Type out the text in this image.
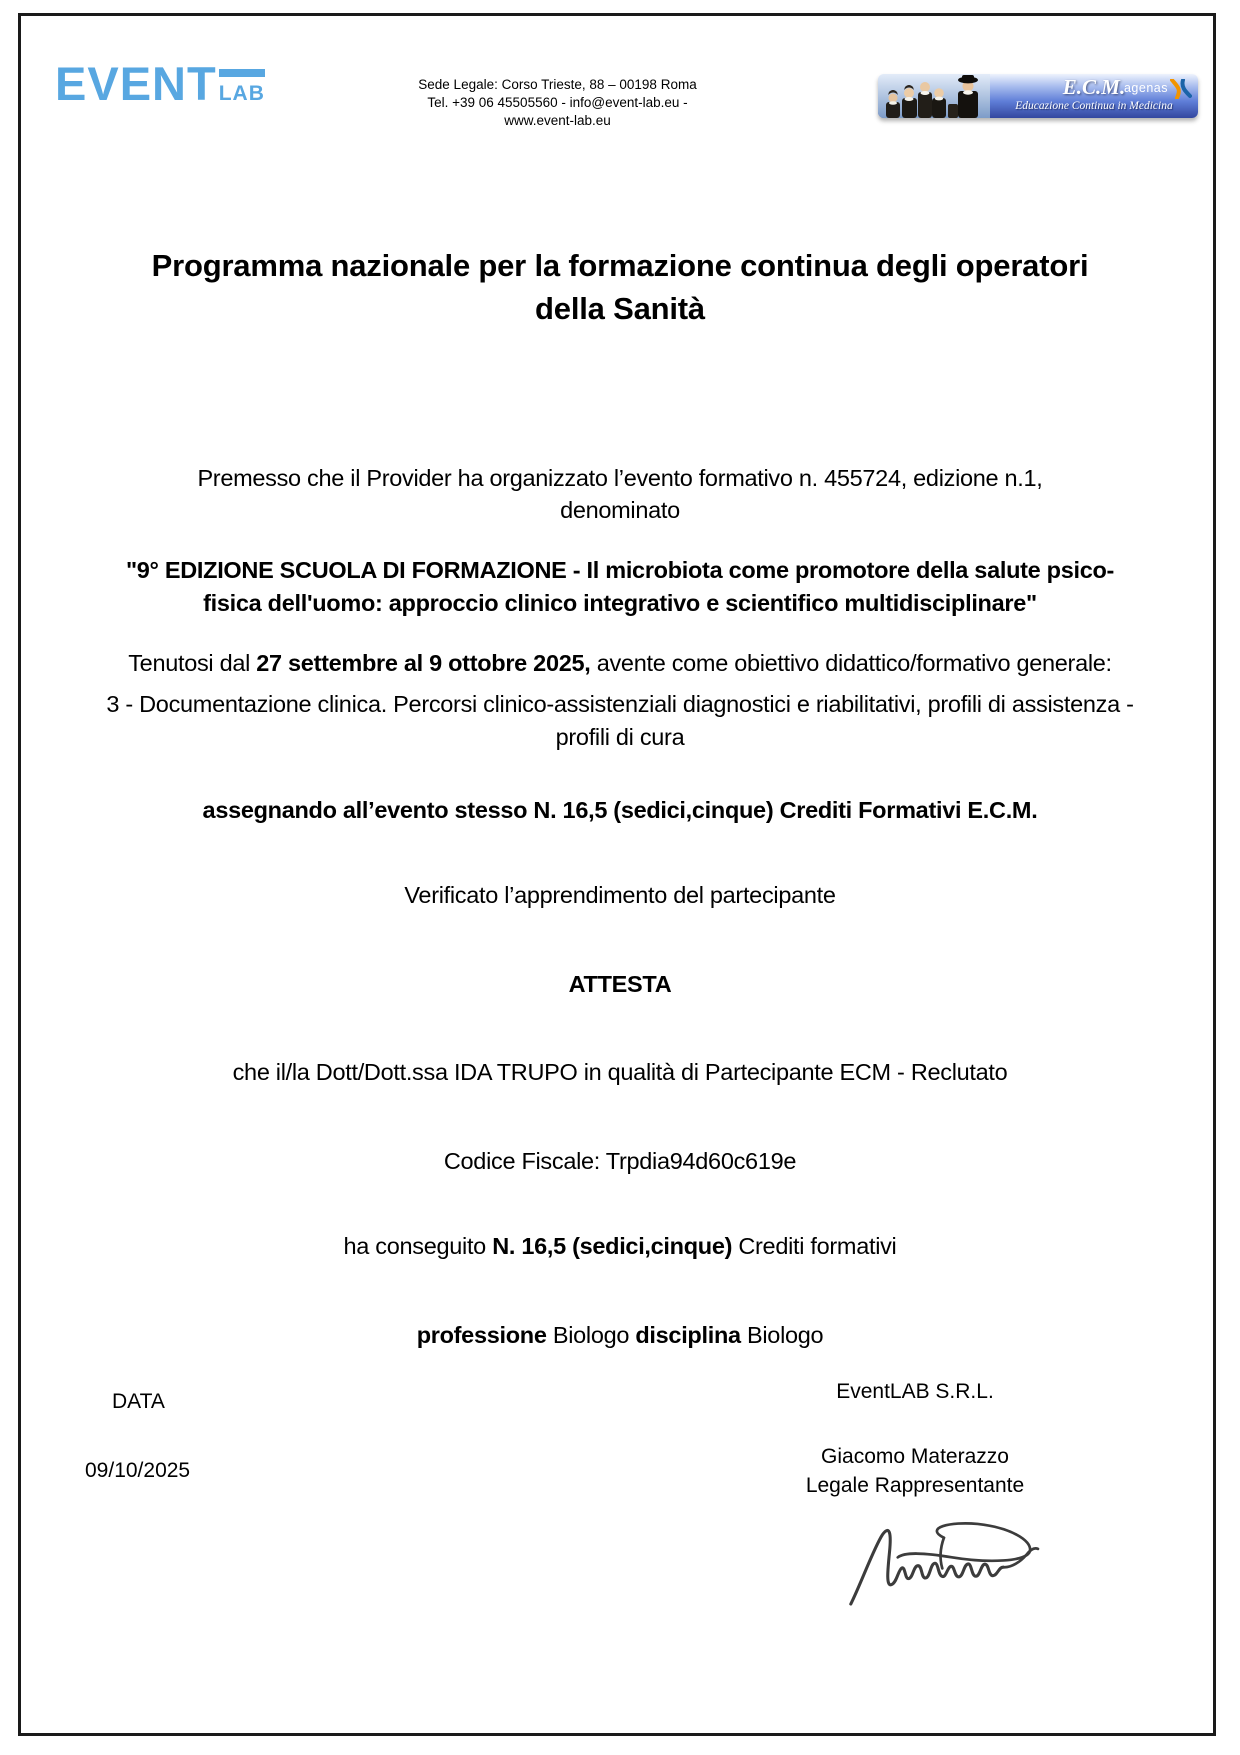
EVENT LAB	Sede Legale: Corso Trieste, 88 – 00198 Roma
Tel. +39 06 45505560 - info@event-lab.eu -
www.event-lab.eu
E.C.M.
Educazione Continua in Medicina
agenas
Programma nazionale per la formazione continua degli operatori della Sanità

Premesso che il Provider ha organizzato l’evento formativo n. 455724, edizione n.1,
denominato

"9° EDIZIONE SCUOLA DI FORMAZIONE - Il microbiota come promotore della salute psico-fisica dell'uomo: approccio clinico integrativo e scientifico multidisciplinare"

Tenutosi dal 27 settembre al 9 ottobre 2025, avente come obiettivo didattico/formativo generale:

3 - Documentazione clinica. Percorsi clinico-assistenziali diagnostici e riabilitativi, profili di assistenza - profili di cura

assegnando all’evento stesso N. 16,5 (sedici,cinque) Crediti Formativi E.C.M.

Verificato l’apprendimento del partecipante

ATTESTA

che il/la Dott/Dott.ssa IDA TRUPO in qualità di Partecipante ECM - Reclutato

Codice Fiscale: Trpdia94d60c619e

ha conseguito N. 16,5 (sedici,cinque) Crediti formativi

professione Biologo disciplina Biologo

DATA
09/10/2025
EventLAB S.R.L.
Giacomo Materazzo
Legale Rappresentante
